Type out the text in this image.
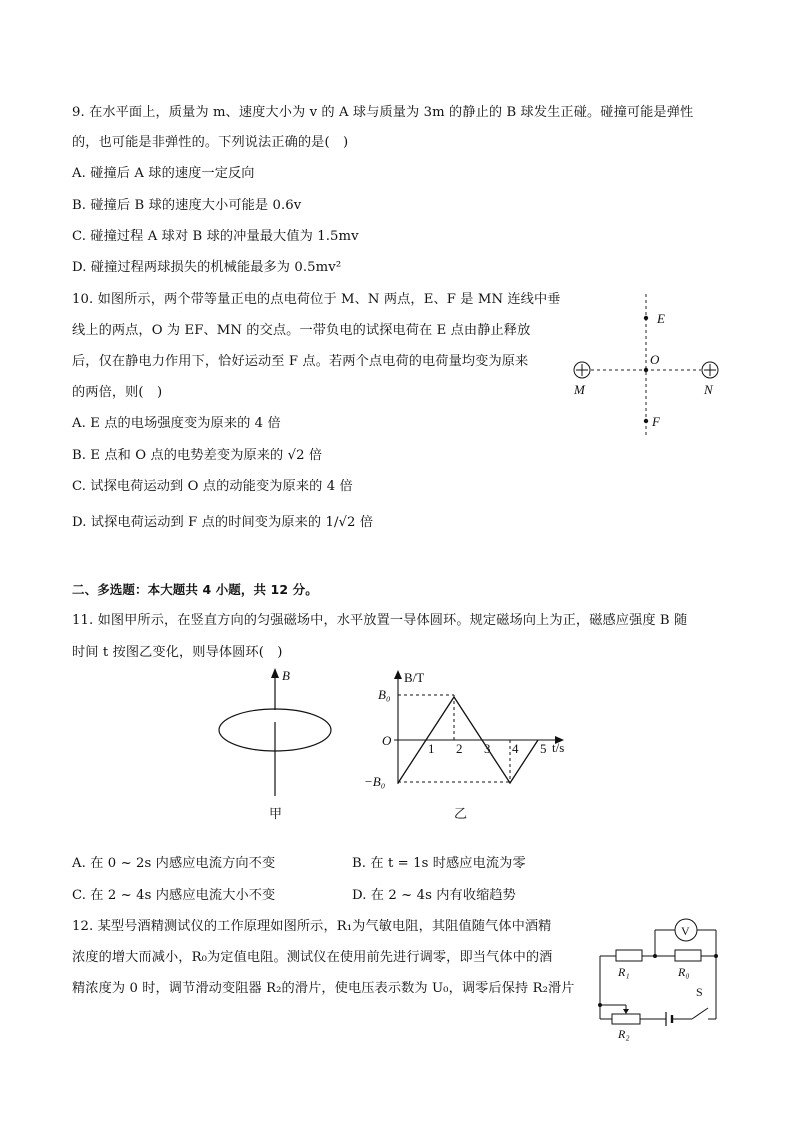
9. 在水平面上，质量为 m、速度大小为 v 的 A 球与质量为 3m 的静止的 B 球发生正碰。碰撞可能是弹性
的，也可能是非弹性的。下列说法正确的是(　)
A. 碰撞后 A 球的速度一定反向
B. 碰撞后 B 球的速度大小可能是 0.6v
C. 碰撞过程 A 球对 B 球的冲量最大值为 1.5mv
D. 碰撞过程两球损失的机械能最多为 0.5mv²
10. 如图所示，两个带等量正电的点电荷位于 M、N 两点，E、F 是 MN 连线中垂
线上的两点，O 为 EF、MN 的交点。一带负电的试探电荷在 E 点由静止释放
后，仅在静电力作用下，恰好运动至 F 点。若两个点电荷的电荷量均变为原来
的两倍，则(　)
A. E 点的电场强度变为原来的 4 倍
B. E 点和 O 点的电势差变为原来的 √2 倍
C. 试探电荷运动到 O 点的动能变为原来的 4 倍
D. 试探电荷运动到 F 点的时间变为原来的 1/√2 倍
E
O
F
M	N
二、多选题：本大题共 4 小题，共 12 分。
11. 如图甲所示，在竖直方向的匀强磁场中，水平放置一导体圆环。规定磁场向上为正，磁感应强度 B 随
时间 t 按图乙变化，则导体圆环(　)
B
甲
B/T
t/s
O
B₀
−B₀
1 2 3 4 5
乙
A. 在 0 ~ 2s 内感应电流方向不变	B. 在 t = 1s 时感应电流为零
C. 在 2 ~ 4s 内感应电流大小不变	D. 在 2 ~ 4s 内有收缩趋势
12. 某型号酒精测试仪的工作原理如图所示，R₁为气敏电阻，其阻值随气体中酒精
浓度的增大而减小，R₀为定值电阻。测试仪在使用前先进行调零，即当气体中的酒
精浓度为 0 时，调节滑动变阻器 R₂的滑片，使电压表示数为 U₀，调零后保持 R₂滑片
V
R₁	R₀
R₂
S
